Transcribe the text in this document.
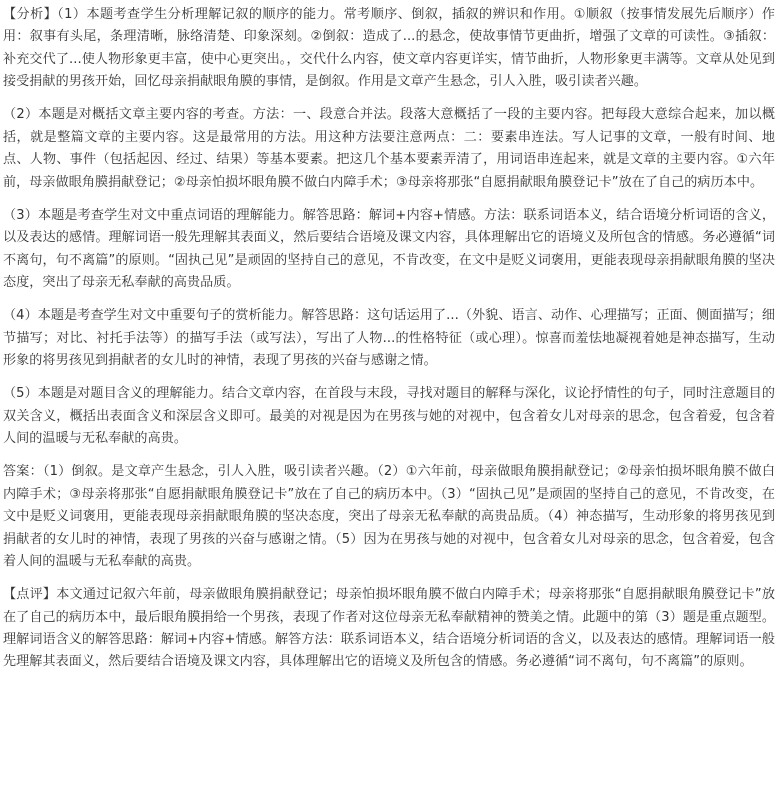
【分析】（1）本题考查学生分析理解记叙的顺序的能力。常考顺序、倒叙，插叙的辨识和作用。①顺叙（按事情发展先后顺序）作用：叙事有头尾，条理清晰，脉络清楚、印象深刻。②倒叙：造成了...的悬念，使故事情节更曲折，增强了文章的可读性。③插叙：补充交代了...使人物形象更丰富，使中心更突出。，交代什么内容，使文章内容更详实，情节曲折，人物形象更丰满等。文章从处见到接受捐献的男孩开始，回忆母亲捐献眼角膜的事情，是倒叙。作用是文章产生悬念，引人入胜，吸引读者兴趣。

（2）本题是对概括文章主要内容的考查。方法：一、段意合并法。段落大意概括了一段的主要内容。把每段大意综合起来，加以概括，就是整篇文章的主要内容。这是最常用的方法。用这种方法要注意两点：二：要素串连法。写人记事的文章，一般有时间、地点、人物、事件（包括起因、经过、结果）等基本要素。把这几个基本要素弄清了，用词语串连起来，就是文章的主要内容。①六年前，母亲做眼角膜捐献登记；②母亲怕损坏眼角膜不做白内障手术；③母亲将那张“自愿捐献眼角膜登记卡”放在了自己的病历本中。

（3）本题是考查学生对文中重点词语的理解能力。解答思路：解词+内容+情感。方法：联系词语本义，结合语境分析词语的含义，以及表达的感情。理解词语一般先理解其表面义，然后要结合语境及课文内容，具体理解出它的语境义及所包含的情感。务必遵循“词不离句，句不离篇”的原则。“固执己见”是顽固的坚持自己的意见，不肯改变，在文中是贬义词褒用，更能表现母亲捐献眼角膜的坚决态度，突出了母亲无私奉献的高贵品质。

（4）本题是考查学生对文中重要句子的赏析能力。解答思路：这句话运用了...（外貌、语言、动作、心理描写；正面、侧面描写；细节描写；对比、衬托手法等）的描写手法（或写法），写出了人物...的性格特征（或心理）。惊喜而羞怯地凝视着她是神态描写，生动形象的将男孩见到捐献者的女儿时的神情，表现了男孩的兴奋与感谢之情。

（5）本题是对题目含义的理解能力。结合文章内容，在首段与末段，寻找对题目的解释与深化，议论抒情性的句子，同时注意题目的双关含义，概括出表面含义和深层含义即可。最美的对视是因为在男孩与她的对视中，包含着女儿对母亲的思念，包含着爱，包含着人间的温暖与无私奉献的高贵。

答案：（1）倒叙。是文章产生悬念，引人入胜，吸引读者兴趣。（2）①六年前，母亲做眼角膜捐献登记；②母亲怕损坏眼角膜不做白内障手术；③母亲将那张“自愿捐献眼角膜登记卡”放在了自己的病历本中。（3）“固执己见”是顽固的坚持自己的意见，不肯改变，在文中是贬义词褒用，更能表现母亲捐献眼角膜的坚决态度，突出了母亲无私奉献的高贵品质。（4）神态描写，生动形象的将男孩见到捐献者的女儿时的神情，表现了男孩的兴奋与感谢之情。（5）因为在男孩与她的对视中，包含着女儿对母亲的思念，包含着爱，包含着人间的温暖与无私奉献的高贵。

【点评】本文通过记叙六年前，母亲做眼角膜捐献登记；母亲怕损坏眼角膜不做白内障手术；母亲将那张“自愿捐献眼角膜登记卡”放在了自己的病历本中，最后眼角膜捐给一个男孩，表现了作者对这位母亲无私奉献精神的赞美之情。此题中的第（3）题是重点题型。理解词语含义的解答思路：解词+内容+情感。解答方法：联系词语本义，结合语境分析词语的含义，以及表达的感情。理解词语一般先理解其表面义，然后要结合语境及课文内容，具体理解出它的语境义及所包含的情感。务必遵循“词不离句，句不离篇”的原则。
